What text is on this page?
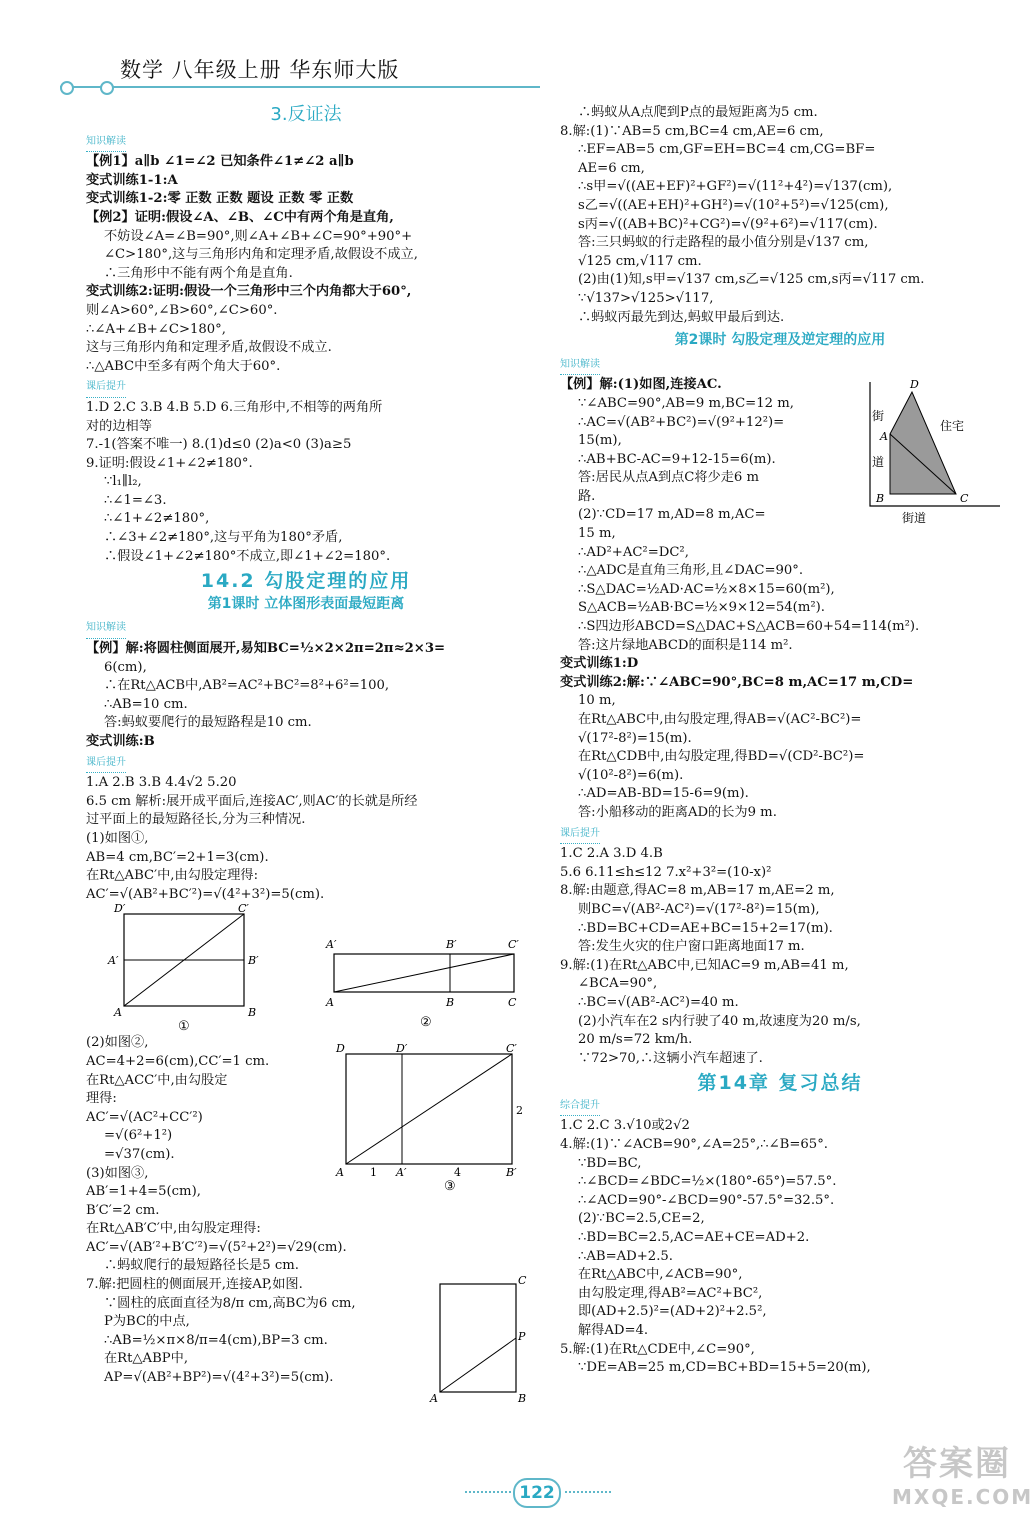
数学 八年级上册 华东师大版
3.反证法
知识解读
【例1】a∥b ∠1=∠2 已知条件∠1≠∠2 a∥b
变式训练1-1:A
变式训练1-2:零 正数 正数 题设 正数 零 正数
【例2】证明:假设∠A、∠B、∠C中有两个角是直角,
不妨设∠A=∠B=90°,则∠A+∠B+∠C=90°+90°+
∠C>180°,这与三角形内角和定理矛盾,故假设不成立,
∴三角形中不能有两个角是直角.
变式训练2:证明:假设一个三角形中三个内角都大于60°,
则∠A>60°,∠B>60°,∠C>60°.
∴∠A+∠B+∠C>180°,
这与三角形内角和定理矛盾,故假设不成立.
∴△ABC中至多有两个角大于60°.
课后提升
1.D 2.C 3.B 4.B 5.D 6.三角形中,不相等的两角所
对的边相等
7.-1(答案不唯一) 8.(1)d≤0 (2)a<0 (3)a≥5
9.证明:假设∠1+∠2≠180°.
∵l₁∥l₂,
∴∠1=∠3.
∴∠1+∠2≠180°,
∴∠3+∠2≠180°,这与平角为180°矛盾,
∴假设∠1+∠2≠180°不成立,即∠1+∠2=180°.
14.2 勾股定理的应用
第1课时 立体图形表面最短距离
知识解读
【例】解:将圆柱侧面展开,易知BC=½×2×2π=2π≈2×3=
6(cm),
∴在Rt△ACB中,AB²=AC²+BC²=8²+6²=100,
∴AB=10 cm.
答:蚂蚁要爬行的最短路程是10 cm.
变式训练:B
课后提升
1.A 2.B 3.B 4.4√2 5.20
6.5 cm 解析:展开成平面后,连接AC′,则AC′的长就是所经
过平面上的最短路径长,分为三种情况.
(1)如图①,
AB=4 cm,BC′=2+1=3(cm).
在Rt△ABC′中,由勾股定理得:
AC′=√(AB²+BC′²)=√(4²+3²)=5(cm).
D′	C′
A′	B′
A	B
①
A′	B′	C′
A	B	C
②
(2)如图②,
AC=4+2=6(cm),CC′=1 cm.
在Rt△ACC′中,由勾股定
理得:
AC′=√(AC²+CC′²)
=√(6²+1²)
=√37(cm).
(3)如图③,
AB′=1+4=5(cm),
B′C′=2 cm.
D	D′	C′
A	A′	B′
1	4
2
③
在Rt△AB′C′中,由勾股定理得:
AC′=√(AB′²+B′C′²)=√(5²+2²)=√29(cm).
∴蚂蚁爬行的最短路径长是5 cm.
7.解:把圆柱的侧面展开,连接AP,如图.
∵圆柱的底面直径为8/π cm,高BC为6 cm,
P为BC的中点,
∴AB=½×π×8/π=4(cm),BP=3 cm.
在Rt△ABP中,
AP=√(AB²+BP²)=√(4²+3²)=5(cm).
C
P
A	B
∴蚂蚁从A点爬到P点的最短距离为5 cm.
8.解:(1)∵AB=5 cm,BC=4 cm,AE=6 cm,
∴EF=AB=5 cm,GF=EH=BC=4 cm,CG=BF=
AE=6 cm,
∴s甲=√((AE+EF)²+GF²)=√(11²+4²)=√137(cm),
s乙=√((AE+EH)²+GH²)=√(10²+5²)=√125(cm),
s丙=√((AB+BC)²+CG²)=√(9²+6²)=√117(cm).
答:三只蚂蚁的行走路程的最小值分别是√137 cm,
√125 cm,√117 cm.
(2)由(1)知,s甲=√137 cm,s乙=√125 cm,s丙=√117 cm.
∵√137>√125>√117,
∴蚂蚁丙最先到达,蚂蚁甲最后到达.
第2课时 勾股定理及逆定理的应用
知识解读
【例】解:(1)如图,连接AC.
∵∠ABC=90°,AB=9 m,BC=12 m,
∴AC=√(AB²+BC²)=√(9²+12²)=
15(m),
∴AB+BC-AC=9+12-15=6(m).
答:居民从点A到点C将少走6 m
路.
(2)∵CD=17 m,AD=8 m,AC=
15 m,
∴AD²+AC²=DC²,
∴△ADC是直角三角形,且∠DAC=90°.
∴S△DAC=½AD·AC=½×8×15=60(m²),
S△ACB=½AB·BC=½×9×12=54(m²).
∴S四边形ABCD=S△DAC+S△ACB=60+54=114(m²).
答:这片绿地ABCD的面积是114 m².
变式训练1:D
变式训练2:解:∵∠ABC=90°,BC=8 m,AC=17 m,CD=
10 m,
在Rt△ABC中,由勾股定理,得AB=√(AC²-BC²)=
√(17²-8²)=15(m).
在Rt△CDB中,由勾股定理,得BD=√(CD²-BC²)=
√(10²-8²)=6(m).
∴AD=AB-BD=15-6=9(m).
答:小船移动的距离AD的长为9 m.
D
A
B	C
街
道
住宅
街道
课后提升
1.C 2.A 3.D 4.B
5.6 6.11≤h≤12 7.x²+3²=(10-x)²
8.解:由题意,得AC=8 m,AB=17 m,AE=2 m,
则BC=√(AB²-AC²)=√(17²-8²)=15(m),
∴BD=BC+CD=AE+BC=15+2=17(m).
答:发生火灾的住户窗口距离地面17 m.
9.解:(1)在Rt△ABC中,已知AC=9 m,AB=41 m,
∠BCA=90°,
∴BC=√(AB²-AC²)=40 m.
(2)小汽车在2 s内行驶了40 m,故速度为20 m/s,
20 m/s=72 km/h.
∵72>70,∴这辆小汽车超速了.
第14章 复习总结
综合提升
1.C 2.C 3.√10或2√2
4.解:(1)∵∠ACB=90°,∠A=25°,∴∠B=65°.
∵BD=BC,
∴∠BCD=∠BDC=½×(180°-65°)=57.5°.
∴∠ACD=90°-∠BCD=90°-57.5°=32.5°.
(2)∵BC=2.5,CE=2,
∴BD=BC=2.5,AC=AE+CE=AD+2.
∴AB=AD+2.5.
在Rt△ABC中,∠ACB=90°,
由勾股定理,得AB²=AC²+BC²,
即(AD+2.5)²=(AD+2)²+2.5²,
解得AD=4.
5.解:(1)在Rt△CDE中,∠C=90°,
∵DE=AB=25 m,CD=BC+BD=15+5=20(m),
122
答案圈
MXQE.COM
